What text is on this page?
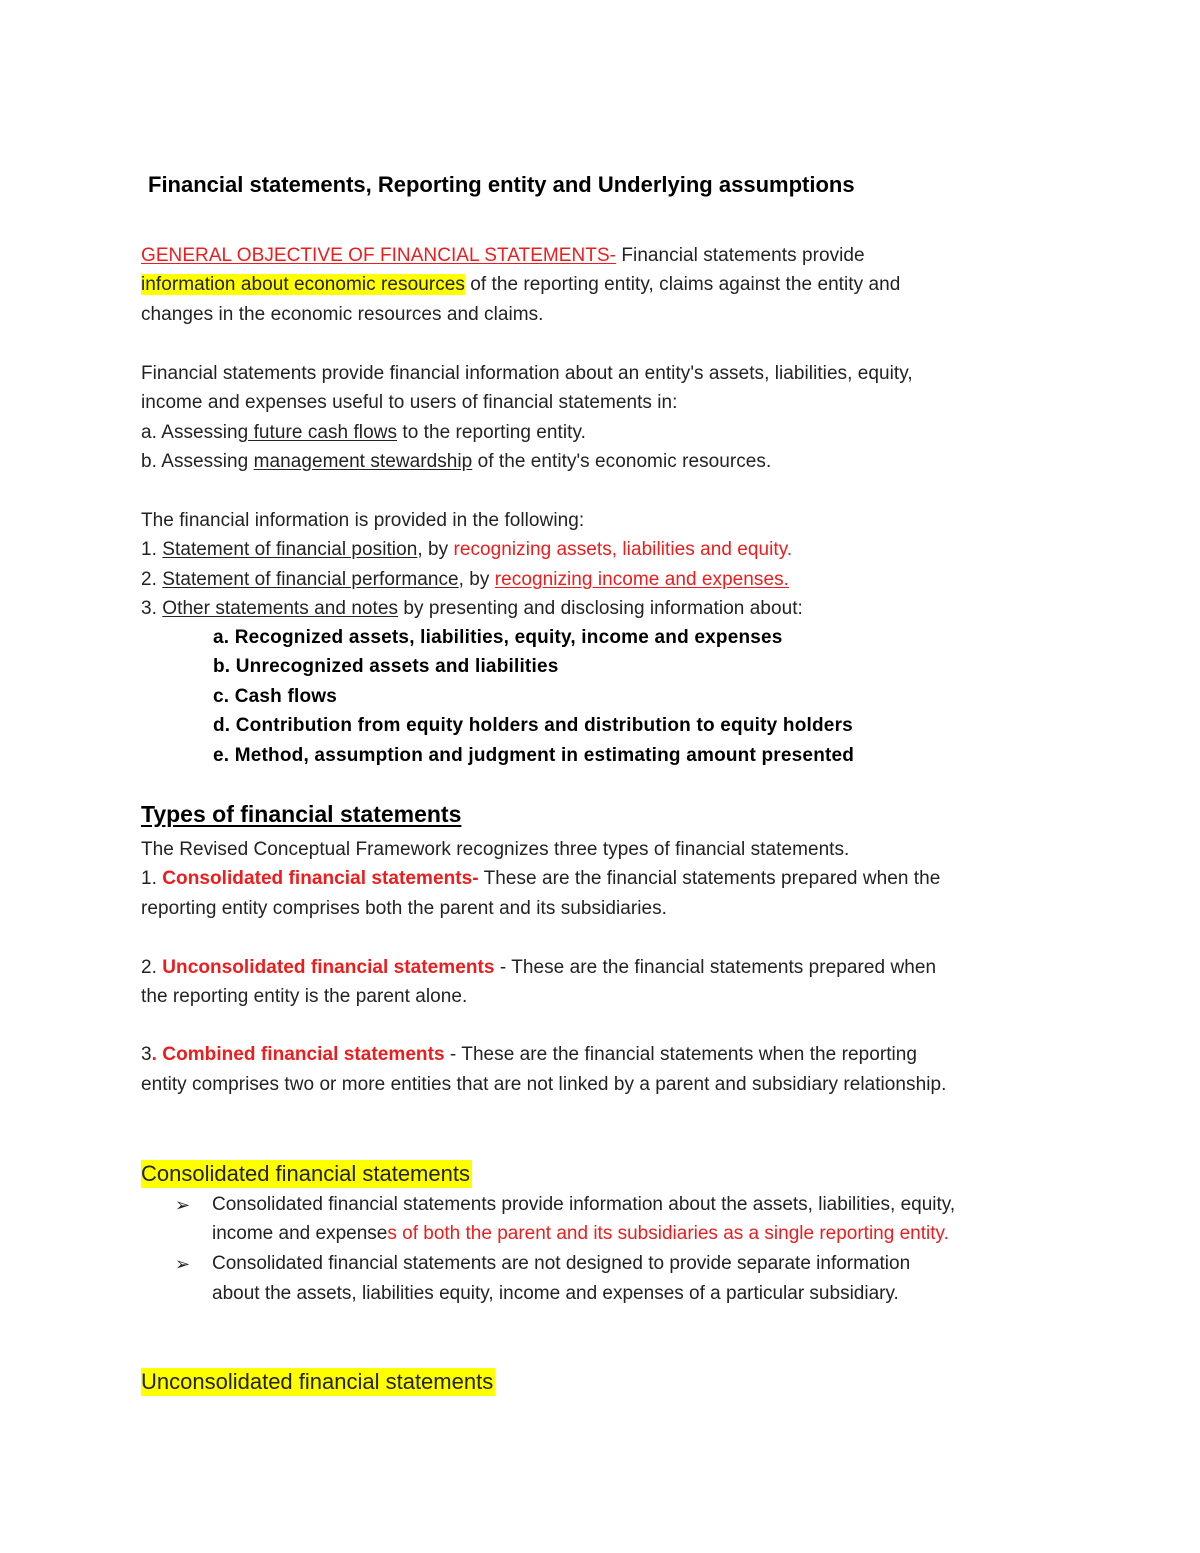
Financial statements, Reporting entity and Underlying assumptions
GENERAL OBJECTIVE OF FINANCIAL STATEMENTS- Financial statements provide
information about economic resources of the reporting entity, claims against the entity and
changes in the economic resources and claims.
Financial statements provide financial information about an entity's assets, liabilities, equity,
income and expenses useful to users of financial statements in:
a. Assessing future cash flows to the reporting entity.
b. Assessing management stewardship of the entity's economic resources.
The financial information is provided in the following:
1. Statement of financial position, by recognizing assets, liabilities and equity.
2. Statement of financial performance, by recognizing income and expenses.
3. Other statements and notes by presenting and disclosing information about:
a. Recognized assets, liabilities, equity, income and expenses
b. Unrecognized assets and liabilities
c. Cash flows
d. Contribution from equity holders and distribution to equity holders
e. Method, assumption and judgment in estimating amount presented
Types of financial statements
The Revised Conceptual Framework recognizes three types of financial statements.
1. Consolidated financial statements- These are the financial statements prepared when the
reporting entity comprises both the parent and its subsidiaries.
2. Unconsolidated financial statements - These are the financial statements prepared when
the reporting entity is the parent alone.
3. Combined financial statements - These are the financial statements when the reporting
entity comprises two or more entities that are not linked by a parent and subsidiary relationship.
Consolidated financial statements
➢ Consolidated financial statements provide information about the assets, liabilities, equity,
income and expenses of both the parent and its subsidiaries as a single reporting entity.
➢ Consolidated financial statements are not designed to provide separate information
about the assets, liabilities equity, income and expenses of a particular subsidiary.
Unconsolidated financial statements
